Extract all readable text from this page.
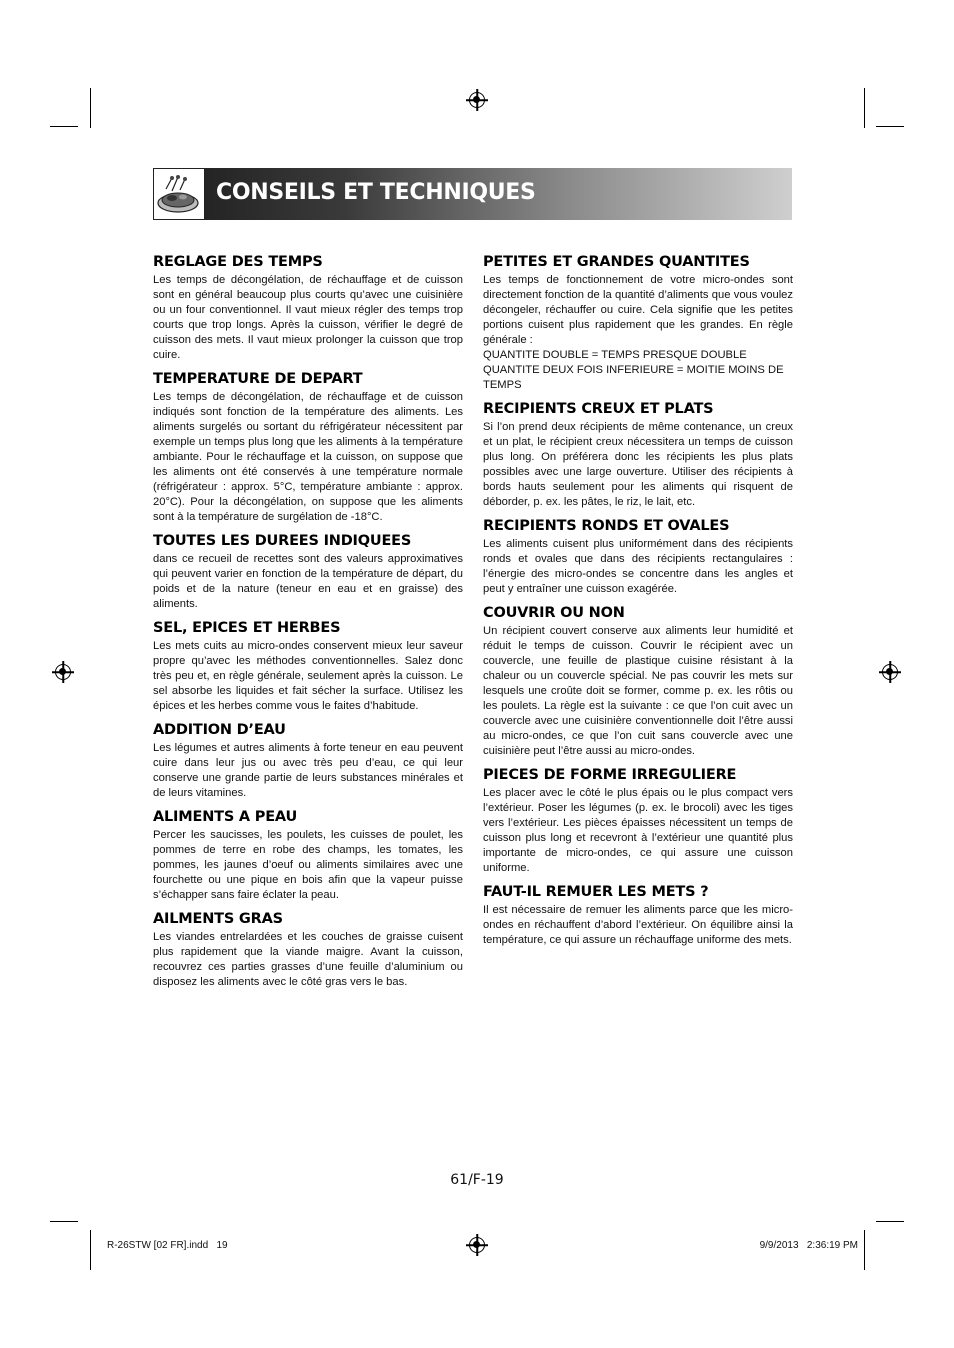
CONSEILS ET TECHNIQUES
REGLAGE DES TEMPS

Les temps de décongélation, de réchauffage et de cuisson sont en général beaucoup plus courts qu’avec une cuisinière ou un four conventionnel. Il vaut mieux régler des temps trop courts que trop longs. Après la cuisson, vérifier le degré de cuisson des mets. Il vaut mieux prolonger la cuisson que trop cuire.

TEMPERATURE DE DEPART

Les temps de décongélation, de réchauffage et de cuisson indiqués sont fonction de la température des aliments. Les aliments surgelés ou sortant du réfrigérateur nécessitent par exemple un temps plus long que les aliments à la température ambiante. Pour le réchauffage et la cuisson, on suppose que les aliments ont été conservés à une température normale (réfrigérateur : approx. 5°C, température ambiante : approx. 20°C). Pour la décongélation, on suppose que les aliments sont à la température de surgélation de -18°C.

TOUTES LES DUREES INDIQUEES

dans ce recueil de recettes sont des valeurs approximatives qui peuvent varier en fonction de la température de départ, du poids et de la nature (teneur en eau et en graisse) des aliments.

SEL, EPICES ET HERBES

Les mets cuits au micro-ondes conservent mieux leur saveur propre qu’avec les méthodes conventionnelles. Salez donc très peu et, en règle générale, seulement après la cuisson. Le sel absorbe les liquides et fait sécher la surface. Utilisez les épices et les herbes comme vous le faites d’habitude.

ADDITION D’EAU

Les légumes et autres aliments à forte teneur en eau peuvent cuire dans leur jus ou avec très peu d’eau, ce qui leur conserve une grande partie de leurs substances minérales et de leurs vitamines.

ALIMENTS A PEAU

Percer les saucisses, les poulets, les cuisses de poulet, les pommes de terre en robe des champs, les tomates, les pommes, les jaunes d’oeuf ou aliments similaires avec une fourchette ou une pique en bois afin que la vapeur puisse s’échapper sans faire éclater la peau.

AILMENTS GRAS

Les viandes entrelardées et les couches de graisse cuisent plus rapidement que la viande maigre. Avant la cuisson, recouvrez ces parties grasses d’une feuille d’aluminium ou disposez les aliments avec le côté gras vers le bas.

PETITES ET GRANDES QUANTITES

Les temps de fonctionnement de votre micro-ondes sont directement fonction de la quantité d’aliments que vous voulez décongeler, réchauffer ou cuire. Cela signifie que les petites portions cuisent plus rapidement que les grandes. En règle générale :

QUANTITE DOUBLE = TEMPS PRESQUE DOUBLE

QUANTITE DEUX FOIS INFERIEURE = MOITIE MOINS DE TEMPS

RECIPIENTS CREUX ET PLATS

Si l’on prend deux récipients de même contenance, un creux et un plat, le récipient creux nécessitera un temps de cuisson plus long. On préférera donc les récipients les plus plats possibles avec une large ouverture. Utiliser des récipients à bords hauts seulement pour les aliments qui risquent de déborder, p. ex. les pâtes, le riz, le lait, etc.

RECIPIENTS RONDS ET OVALES

Les aliments cuisent plus uniformément dans des récipients ronds et ovales que dans des récipients rectangulaires : l’énergie des micro-ondes se concentre dans les angles et peut y entraîner une cuisson exagérée.

COUVRIR OU NON

Un récipient couvert conserve aux aliments leur humidité et réduit le temps de cuisson. Couvrir le récipient avec un couvercle, une feuille de plastique cuisine résistant à la chaleur ou un couvercle spécial. Ne pas couvrir les mets sur lesquels une croûte doit se former, comme p. ex. les rôtis ou les poulets. La règle est la suivante : ce que l’on cuit avec un couvercle avec une cuisinière conventionnelle doit l’être aussi au micro-ondes, ce que l’on cuit sans couvercle avec une cuisinière peut l’être aussi au micro-ondes.

PIECES DE FORME IRREGULIERE

Les placer avec le côté le plus épais ou le plus compact vers l’extérieur. Poser les légumes (p. ex. le brocoli) avec les tiges vers l’extérieur. Les pièces épaisses nécessitent un temps de cuisson plus long et recevront à l’extérieur une quantité plus importante de micro-ondes, ce qui assure une cuisson uniforme.

FAUT-IL REMUER LES METS ?

Il est nécessaire de remuer les aliments parce que les micro-ondes en réchauffent d’abord l’extérieur. On équilibre ainsi la température, ce qui assure un réchauffage uniforme des mets.

61/F-19
R-26STW [02 FR].indd   19	9/9/2013   2:36:19 PM
